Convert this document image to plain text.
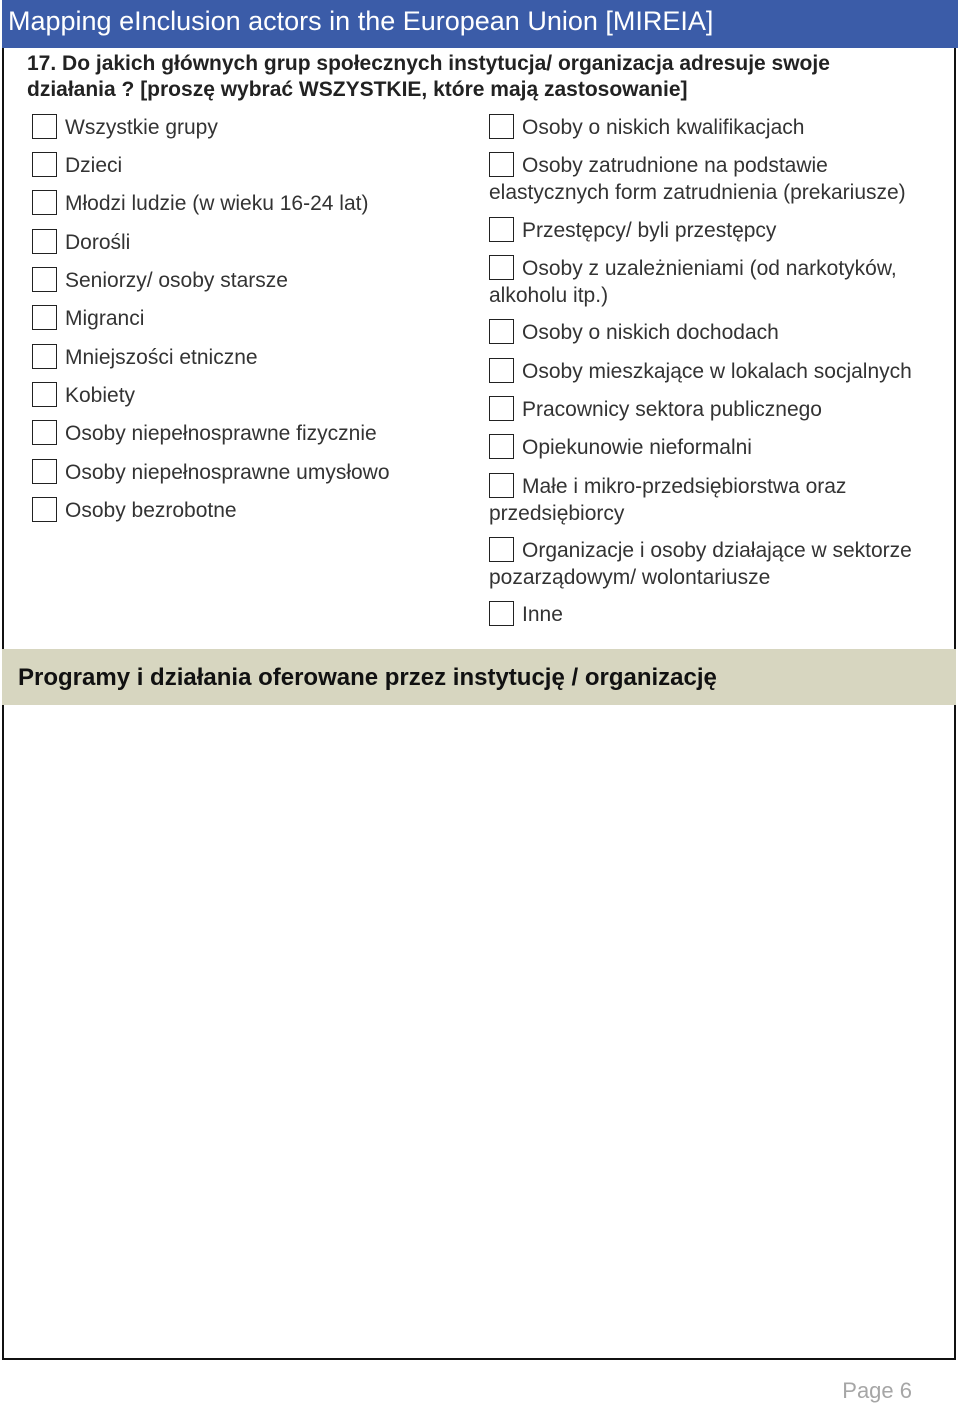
Mapping eInclusion actors in the European Union [MIREIA]
17. Do jakich głównych grup społecznych instytucja/ organizacja adresuje swoje działania ? [proszę wybrać WSZYSTKIE, które mają zastosowanie]
Wszystkie grupy
Dzieci
Młodzi ludzie (w wieku 16-24 lat)
Dorośli
Seniorzy/ osoby starsze
Migranci
Mniejszości etniczne
Kobiety
Osoby niepełnosprawne fizycznie
Osoby niepełnosprawne umysłowo
Osoby bezrobotne
Osoby o niskich kwalifikacjach
Osoby zatrudnione na podstawie elastycznych form zatrudnienia (prekariusze)
Przestępcy/ byli przestępcy
Osoby z uzależnieniami (od narkotyków, alkoholu itp.)
Osoby o niskich dochodach
Osoby mieszkające w lokalach socjalnych
Pracownicy sektora publicznego
Opiekunowie nieformalni
Małe i mikro-przedsiębiorstwa oraz przedsiębiorcy
Organizacje i osoby działające w sektorze pozarządowym/ wolontariusze
Inne
Programy i działania oferowane przez instytucję / organizację
Page 6
